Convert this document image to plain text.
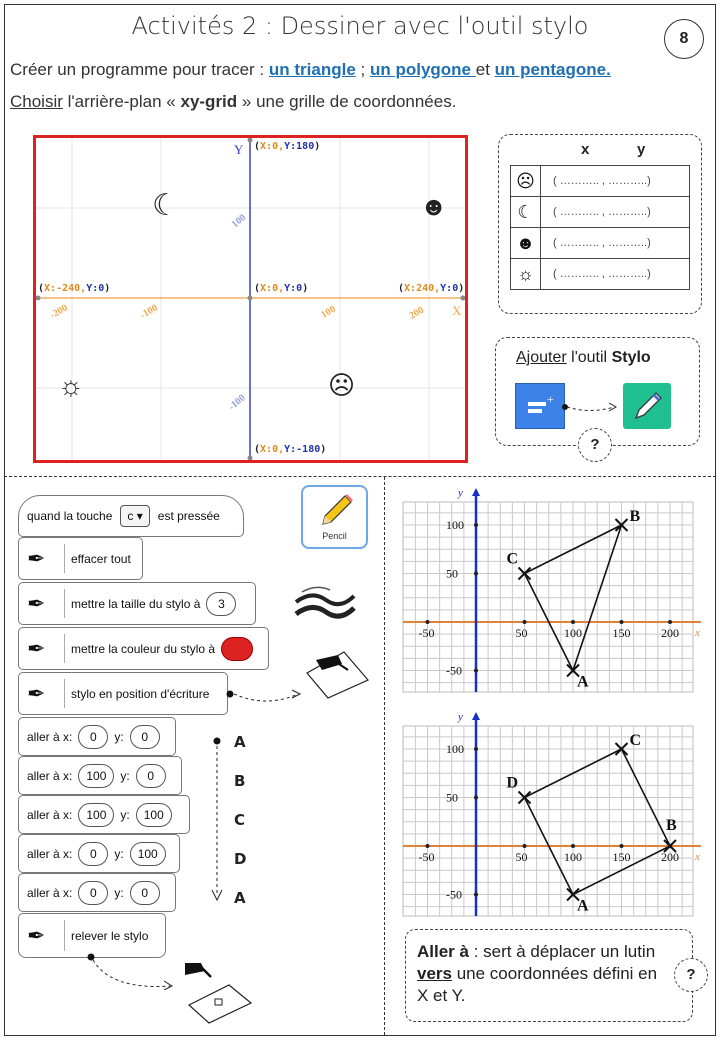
Activités 2 : Dessiner avec l'outil stylo	8
Créer un programme pour tracer : un triangle ; un polygone et un pentagone.
Choisir l'arrière-plan « xy-grid » une grille de coordonnées.
-200	-100	100	200
100
-100
Y
X
(X:0,Y:180)
(X:0,Y:-180)
(X:-240,Y:0)	(X:0,Y:0)	(X:240,Y:0)
☾	☻
☼	☹
x	y
☹	( ……….. , ………..)
☾	( ……….. , ………..)
☻	( ……….. , ………..)
☼	( ……….. , ………..)
Ajouter l'outil Stylo
+
?
quand la touche	c ▾	est pressée
✒ effacer tout
✒ mettre la taille du stylo à	3
✒ mettre la couleur du stylo à
✒ stylo en position d'écriture
Pencil
aller à x:	0	y:	0
aller à x:	100	y:	0
aller à x:	100	y:	100
aller à x:	0	y:	100
aller à x:	0	y:	0
✒ relever le stylo
A
B
C
D
A
y
x
-50	50	100	150	200
100
50
-50
A
B
C
y
x
-50	50	100	150	200
100
50
-50
A
B
C
D
Aller à : sert à déplacer un lutin vers une coordonnées défini en X et Y.
?
